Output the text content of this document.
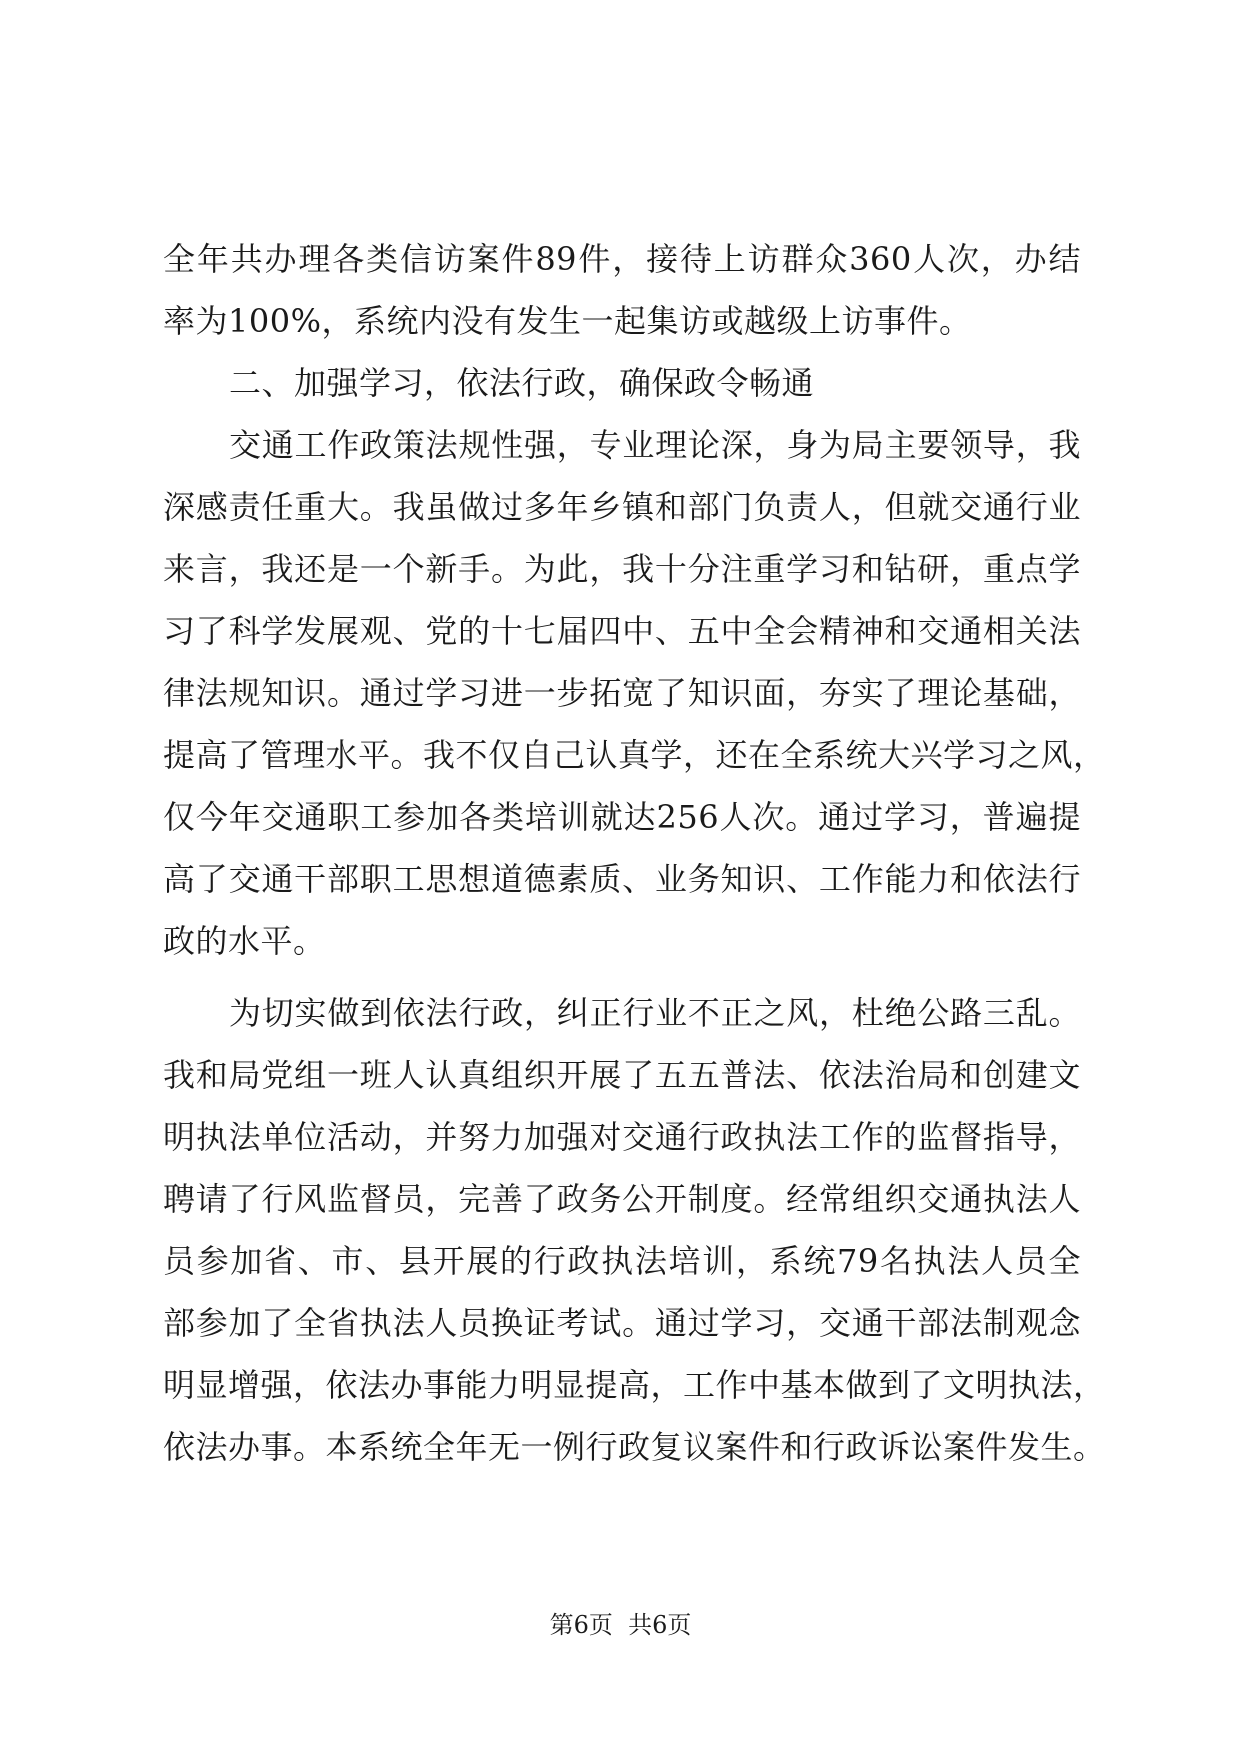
全年共办理各类信访案件89件，接待上访群众360人次，办结
率为100%，系统内没有发生一起集访或越级上访事件。
二、加强学习，依法行政，确保政令畅通
交通工作政策法规性强，专业理论深，身为局主要领导，我
深感责任重大。我虽做过多年乡镇和部门负责人，但就交通行业
来言，我还是一个新手。为此，我十分注重学习和钻研，重点学
习了科学发展观、党的十七届四中、五中全会精神和交通相关法
律法规知识。通过学习进一步拓宽了知识面，夯实了理论基础，
提高了管理水平。我不仅自己认真学，还在全系统大兴学习之风，
仅今年交通职工参加各类培训就达256人次。通过学习，普遍提
高了交通干部职工思想道德素质、业务知识、工作能力和依法行
政的水平。
为切实做到依法行政，纠正行业不正之风，杜绝公路三乱。
我和局党组一班人认真组织开展了五五普法、依法治局和创建文
明执法单位活动，并努力加强对交通行政执法工作的监督指导，
聘请了行风监督员，完善了政务公开制度。经常组织交通执法人
员参加省、市、县开展的行政执法培训，系统79名执法人员全
部参加了全省执法人员换证考试。通过学习，交通干部法制观念
明显增强，依法办事能力明显提高，工作中基本做到了文明执法，
依法办事。本系统全年无一例行政复议案件和行政诉讼案件发生。
第6页  共6页
